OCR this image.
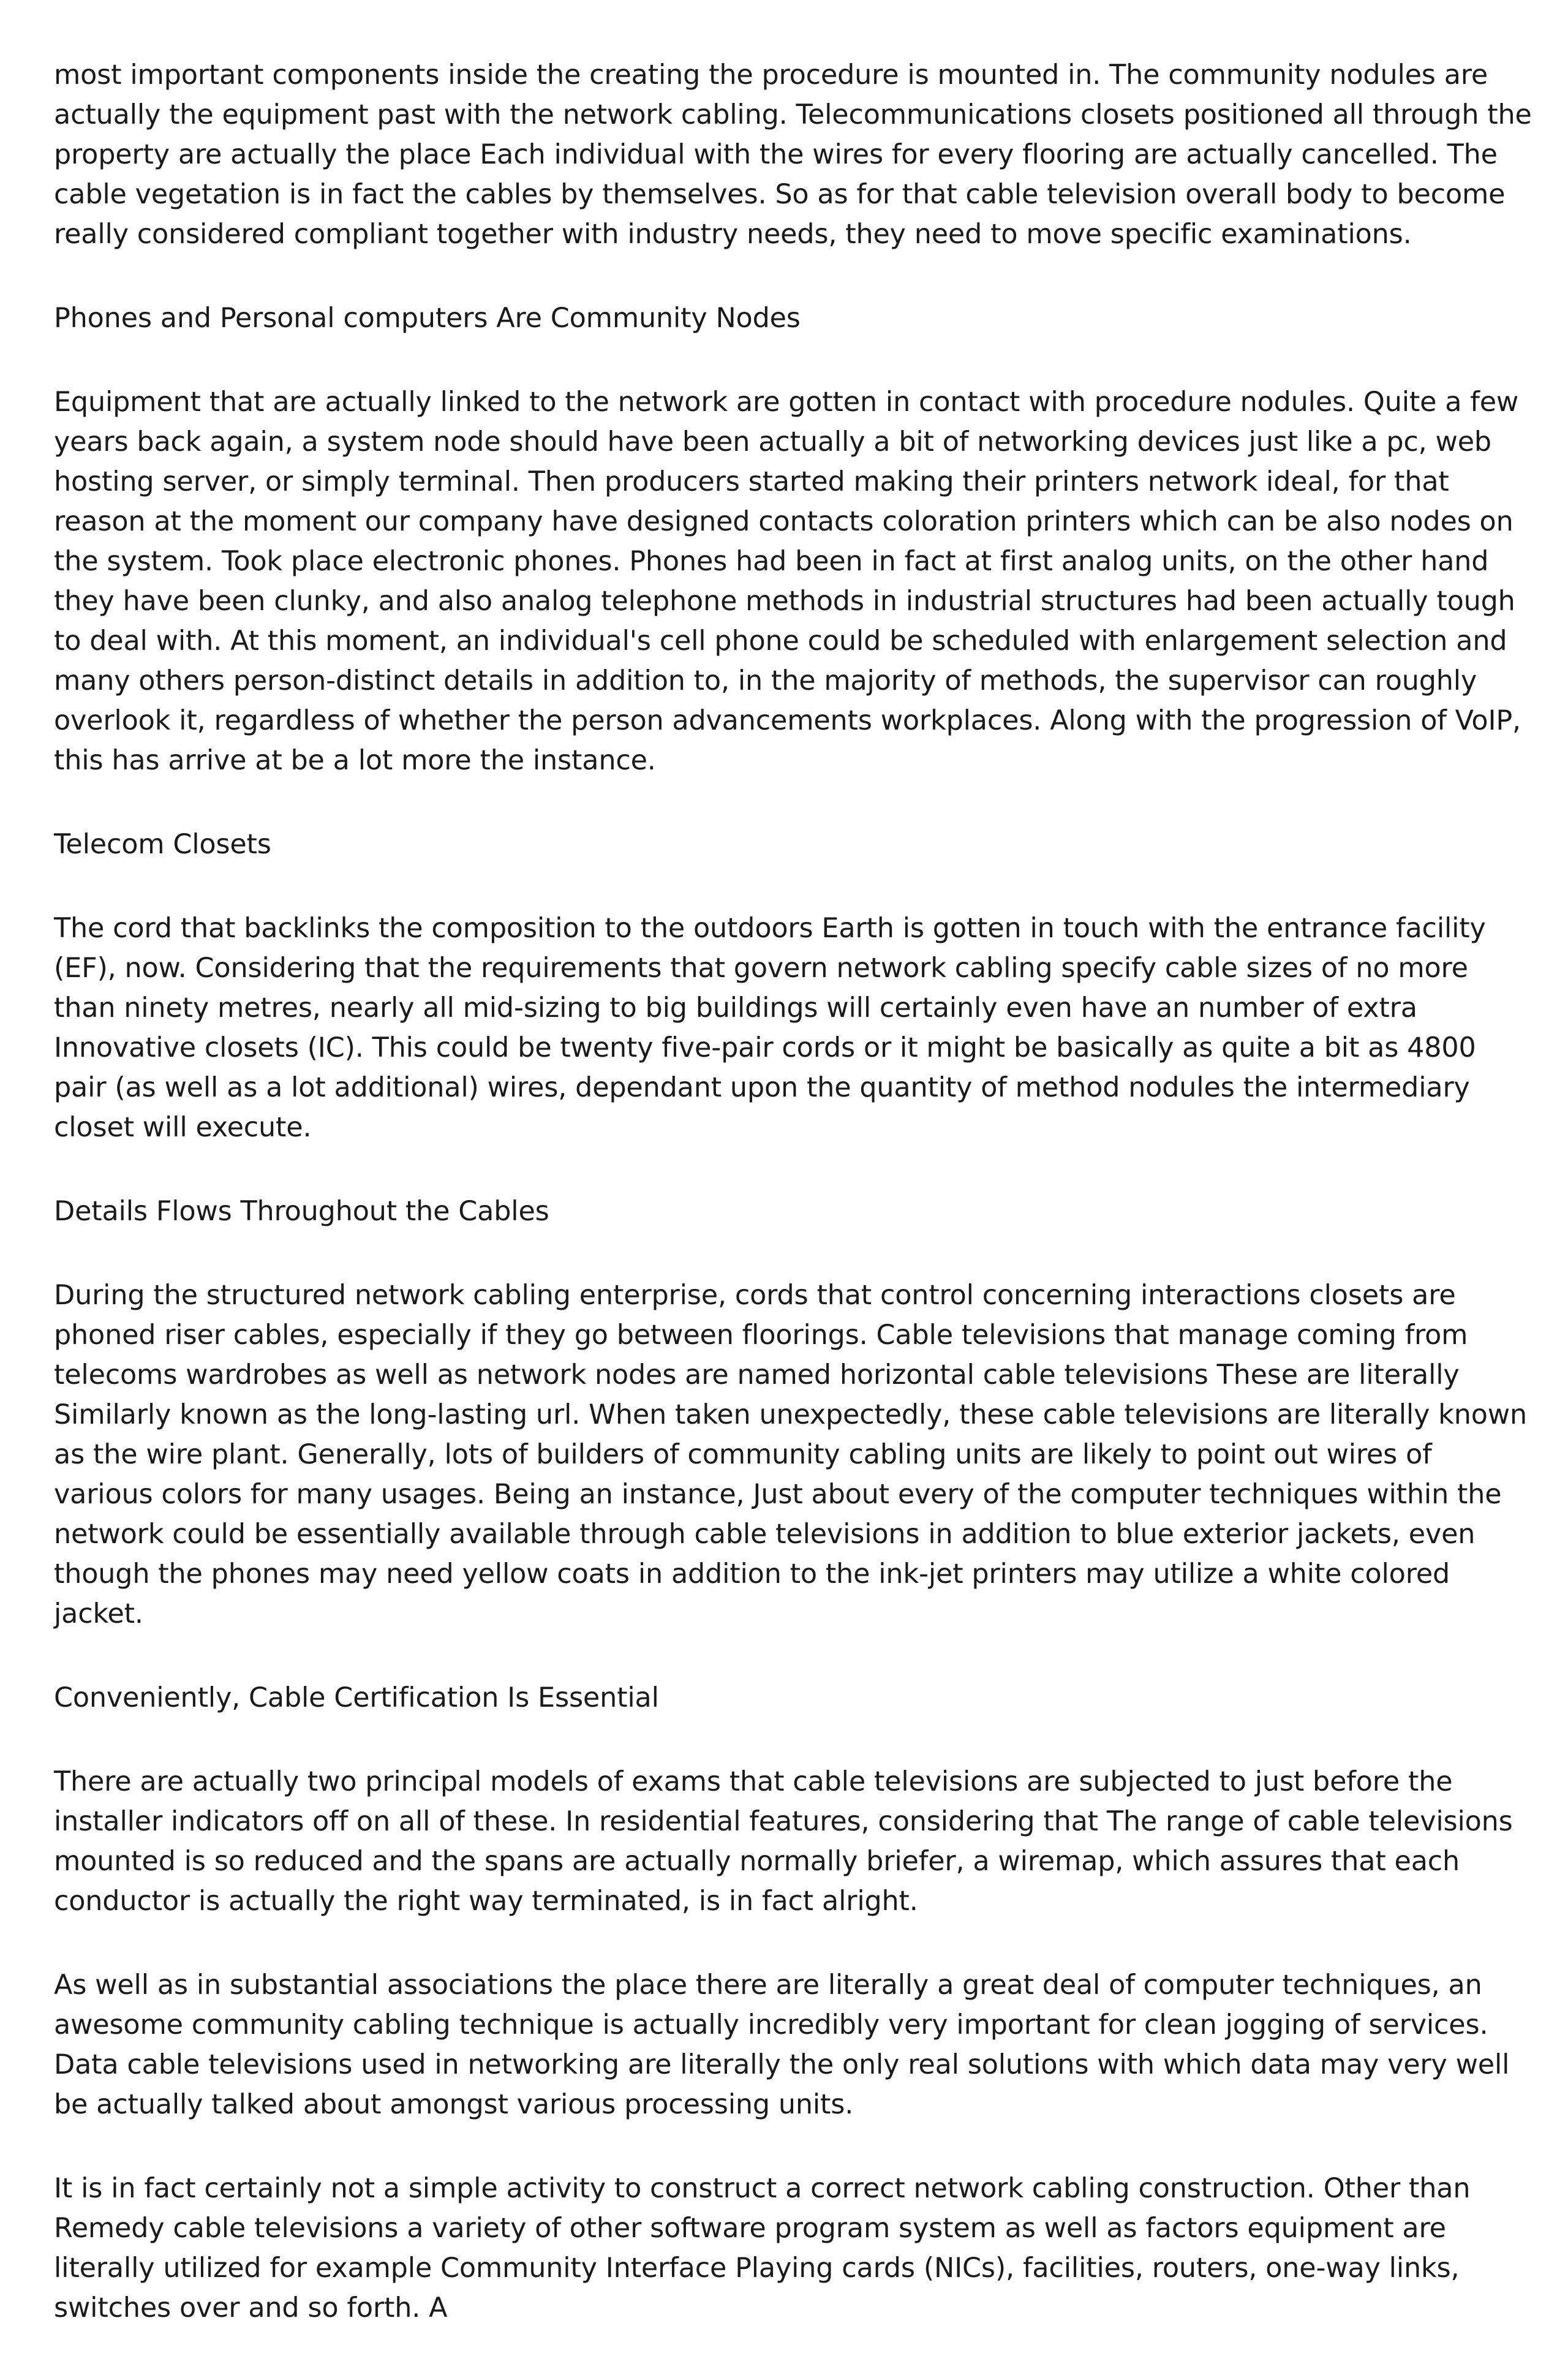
most important components inside the creating the procedure is mounted in. The community nodules are actually the equipment past with the network cabling. Telecommunications closets positioned all through the property are actually the place Each individual with the wires for every flooring are actually cancelled. The cable vegetation is in fact the cables by themselves. So as for that cable television overall body to become really considered compliant together with industry needs, they need to move specific examinations.

Phones and Personal computers Are Community Nodes

Equipment that are actually linked to the network are gotten in contact with procedure nodules. Quite a few years back again, a system node should have been actually a bit of networking devices just like a pc, web hosting server, or simply terminal. Then producers started making their printers network ideal, for that reason at the moment our company have designed contacts coloration printers which can be also nodes on the system. Took place electronic phones. Phones had been in fact at first analog units, on the other hand they have been clunky, and also analog telephone methods in industrial structures had been actually tough to deal with. At this moment, an individual's cell phone could be scheduled with enlargement selection and many others person-distinct details in addition to, in the majority of methods, the supervisor can roughly overlook it, regardless of whether the person advancements workplaces. Along with the progression of VoIP, this has arrive at be a lot more the instance.

Telecom Closets

The cord that backlinks the composition to the outdoors Earth is gotten in touch with the entrance facility (EF), now. Considering that the requirements that govern network cabling specify cable sizes of no more than ninety metres, nearly all mid-sizing to big buildings will certainly even have an number of extra Innovative closets (IC). This could be twenty five-pair cords or it might be basically as quite a bit as 4800 pair (as well as a lot additional) wires, dependant upon the quantity of method nodules the intermediary closet will execute.

Details Flows Throughout the Cables

During the structured network cabling enterprise, cords that control concerning interactions closets are phoned riser cables, especially if they go between floorings. Cable televisions that manage coming from telecoms wardrobes as well as network nodes are named horizontal cable televisions These are literally Similarly known as the long-lasting url. When taken unexpectedly, these cable televisions are literally known as the wire plant. Generally, lots of builders of community cabling units are likely to point out wires of various colors for many usages. Being an instance, Just about every of the computer techniques within the network could be essentially available through cable televisions in addition to blue exterior jackets, even though the phones may need yellow coats in addition to the ink-jet printers may utilize a white colored jacket.

Conveniently, Cable Certification Is Essential

There are actually two principal models of exams that cable televisions are subjected to just before the installer indicators off on all of these. In residential features, considering that The range of cable televisions mounted is so reduced and the spans are actually normally briefer, a wiremap, which assures that each conductor is actually the right way terminated, is in fact alright.

As well as in substantial associations the place there are literally a great deal of computer techniques, an awesome community cabling technique is actually incredibly very important for clean jogging of services. Data cable televisions used in networking are literally the only real solutions with which data may very well be actually talked about amongst various processing units.

It is in fact certainly not a simple activity to construct a correct network cabling construction. Other than Remedy cable televisions a variety of other software program system as well as factors equipment are literally utilized for example Community Interface Playing cards (NICs), facilities, routers, one-way links, switches over and so forth. A
